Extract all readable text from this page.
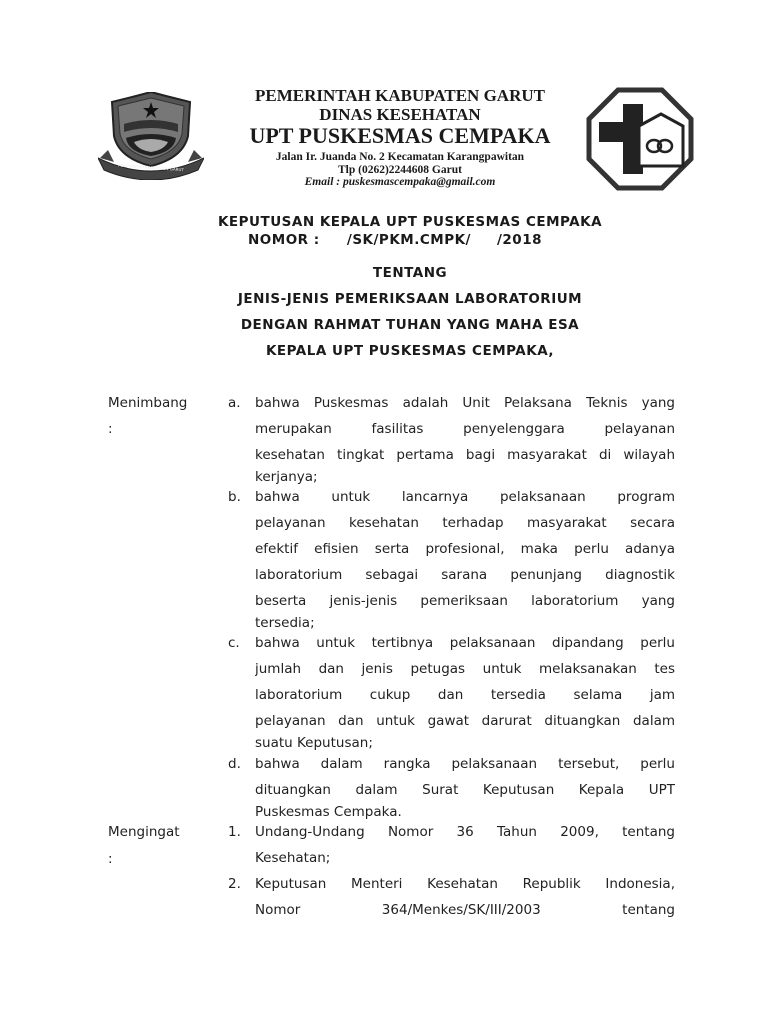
PEMERINTAH KABUPATEN GARUT
PEMERINTAH KABUPATEN GARUT
DINAS KESEHATAN
UPT PUSKESMAS CEMPAKA
Jalan Ir. Juanda No. 2 Kecamatan Karangpawitan
Tlp (0262)2244608 Garut
Email : puskesmascempaka@gmail.com
KEPUTUSAN KEPALA UPT PUSKESMAS CEMPAKA
NOMOR : /SK/PKM.CMPK/     /2018
TENTANG
JENIS-JENIS PEMERIKSAAN LABORATORIUM
DENGAN RAHMAT TUHAN YANG MAHA ESA
KEPALA UPT PUSKESMAS CEMPAKA,
Menimbang
:
a. bahwa Puskesmas adalah Unit Pelaksana Teknis yang
merupakan fasilitas penyelenggara pelayanan
kesehatan tingkat pertama bagi masyarakat di wilayah
kerjanya;
b. bahwa untuk lancarnya pelaksanaan program
pelayanan kesehatan terhadap masyarakat secara
efektif efisien serta profesional, maka perlu adanya
laboratorium sebagai sarana penunjang diagnostik
beserta jenis-jenis pemeriksaan laboratorium yang
tersedia;
c. bahwa untuk tertibnya pelaksanaan dipandang perlu
jumlah dan jenis petugas untuk melaksanakan tes
laboratorium cukup dan tersedia selama jam
pelayanan dan untuk gawat darurat dituangkan dalam
suatu Keputusan;
d. bahwa dalam rangka pelaksanaan tersebut, perlu
dituangkan dalam Surat Keputusan Kepala UPT
Puskesmas Cempaka.
Mengingat
:
1. Undang-Undang Nomor 36 Tahun 2009, tentang
Kesehatan;
2. Keputusan Menteri Kesehatan Republik Indonesia,
Nomor 364/Menkes/SK/III/2003 tentang
